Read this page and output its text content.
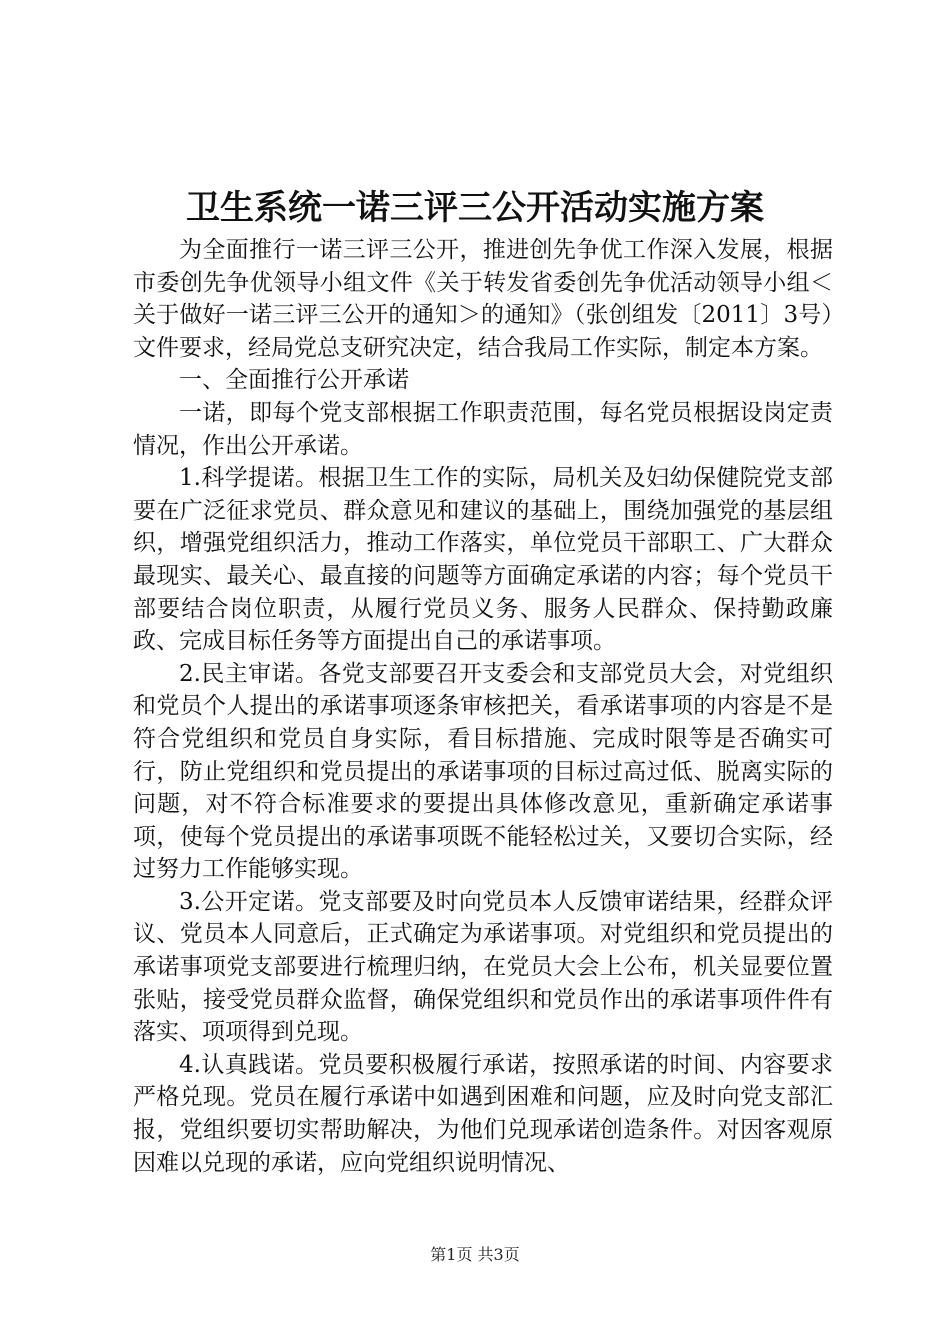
卫生系统一诺三评三公开活动实施方案

为全面推行一诺三评三公开，推进创先争优工作深入发展，根据市委创先争优领导小组文件《关于转发省委创先争优活动领导小组＜关于做好一诺三评三公开的通知＞的通知》（张创组发〔2011〕3号）文件要求，经局党总支研究决定，结合我局工作实际，制定本方案。

一、全面推行公开承诺

一诺，即每个党支部根据工作职责范围，每名党员根据设岗定责情况，作出公开承诺。

1.科学提诺。根据卫生工作的实际，局机关及妇幼保健院党支部要在广泛征求党员、群众意见和建议的基础上，围绕加强党的基层组织，增强党组织活力，推动工作落实，单位党员干部职工、广大群众最现实、最关心、最直接的问题等方面确定承诺的内容；每个党员干部要结合岗位职责，从履行党员义务、服务人民群众、保持勤政廉政、完成目标任务等方面提出自己的承诺事项。

2.民主审诺。各党支部要召开支委会和支部党员大会，对党组织和党员个人提出的承诺事项逐条审核把关，看承诺事项的内容是不是符合党组织和党员自身实际，看目标措施、完成时限等是否确实可行，防止党组织和党员提出的承诺事项的目标过高过低、脱离实际的问题，对不符合标准要求的要提出具体修改意见，重新确定承诺事项，使每个党员提出的承诺事项既不能轻松过关，又要切合实际，经过努力工作能够实现。

3.公开定诺。党支部要及时向党员本人反馈审诺结果，经群众评议、党员本人同意后，正式确定为承诺事项。对党组织和党员提出的承诺事项党支部要进行梳理归纳，在党员大会上公布，机关显要位置张贴，接受党员群众监督，确保党组织和党员作出的承诺事项件件有落实、项项得到兑现。

4.认真践诺。党员要积极履行承诺，按照承诺的时间、内容要求严格兑现。党员在履行承诺中如遇到困难和问题，应及时向党支部汇报，党组织要切实帮助解决，为他们兑现承诺创造条件。对因客观原因难以兑现的承诺，应向党组织说明情况、

第1页 共3页
